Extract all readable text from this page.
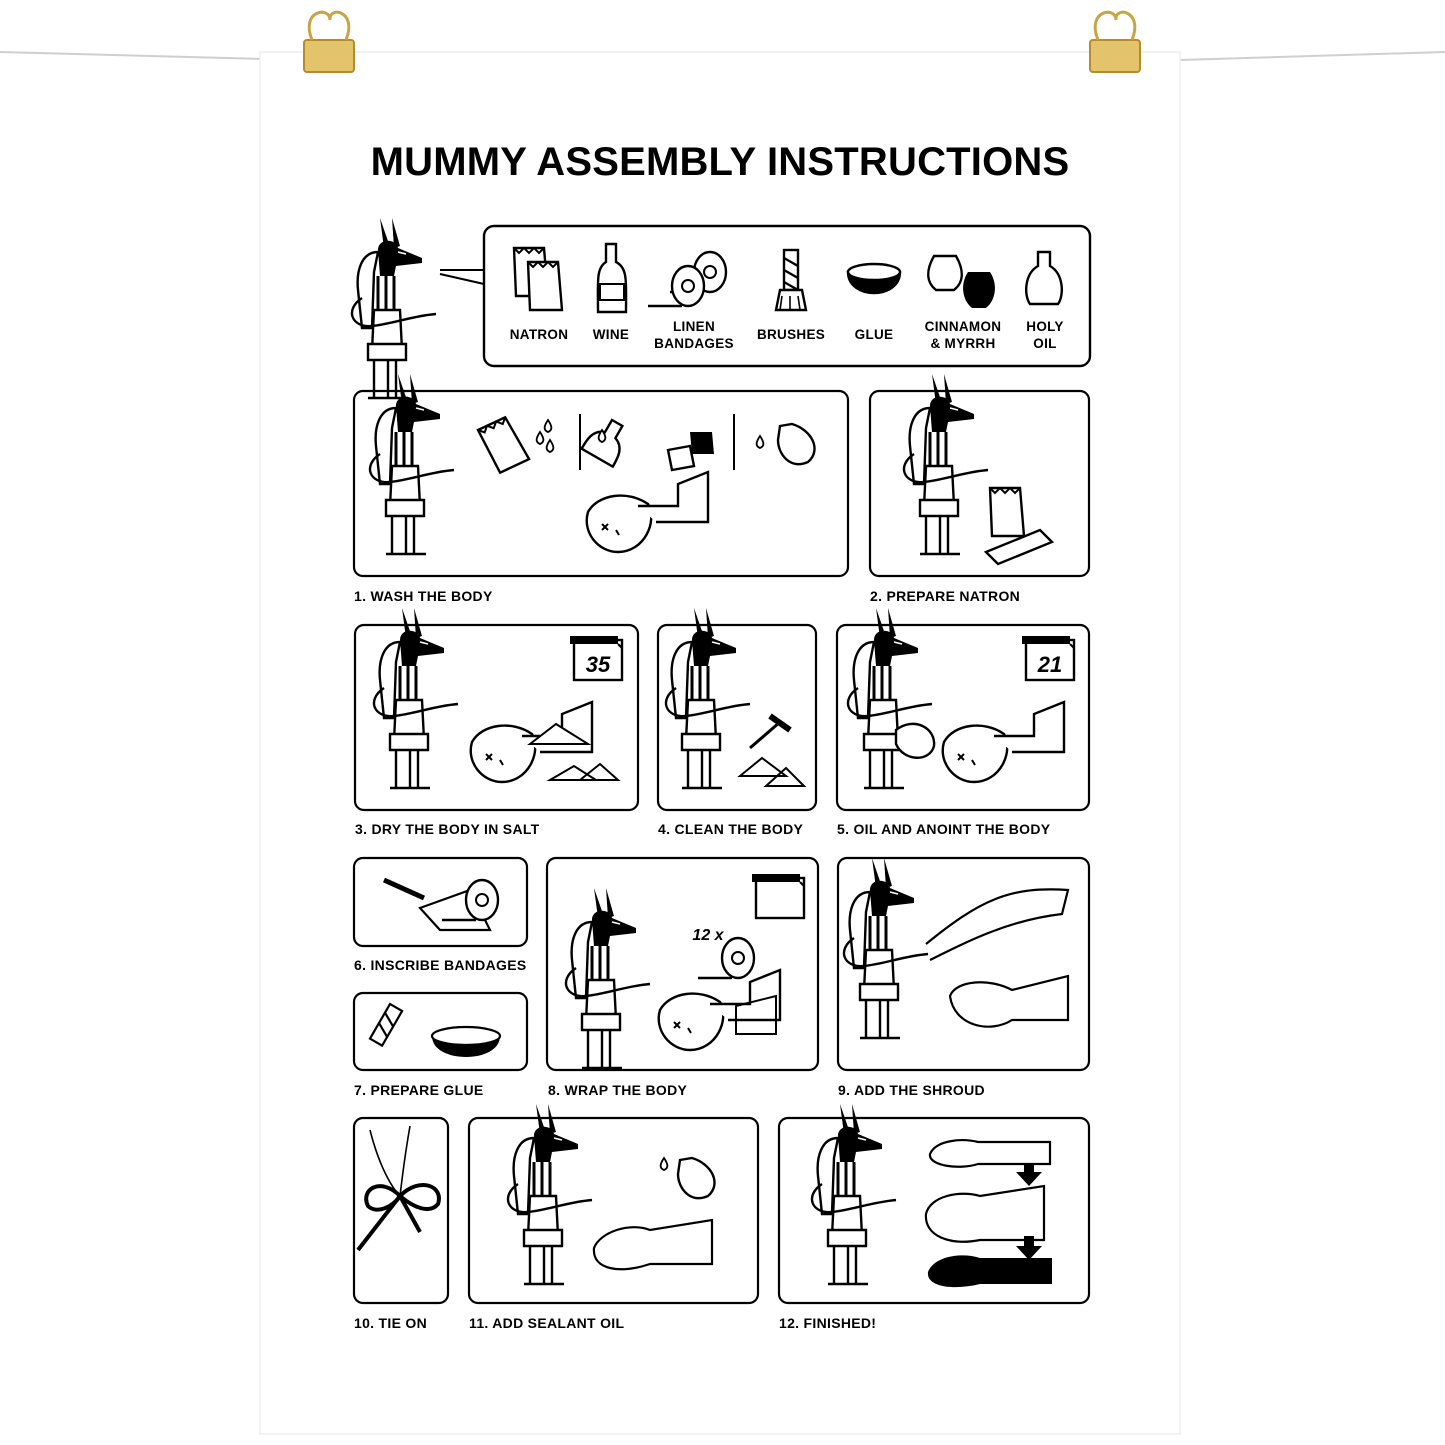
35	21
12 x
MUMMY ASSEMBLY INSTRUCTIONS
NATRON	WINE
LINEN
BANDAGES
BRUSHES	GLUE
CINNAMON
& MYRRH
HOLY
OIL
1. WASH THE BODY	2. PREPARE NATRON
3. DRY THE BODY IN SALT	4. CLEAN THE BODY 5. OIL AND ANOINT THE BODY
6. INSCRIBE BANDAGES
7. PREPARE GLUE	8. WRAP THE BODY	9. ADD THE SHROUD
10. TIE ON	11. ADD SEALANT OIL	12. FINISHED!
